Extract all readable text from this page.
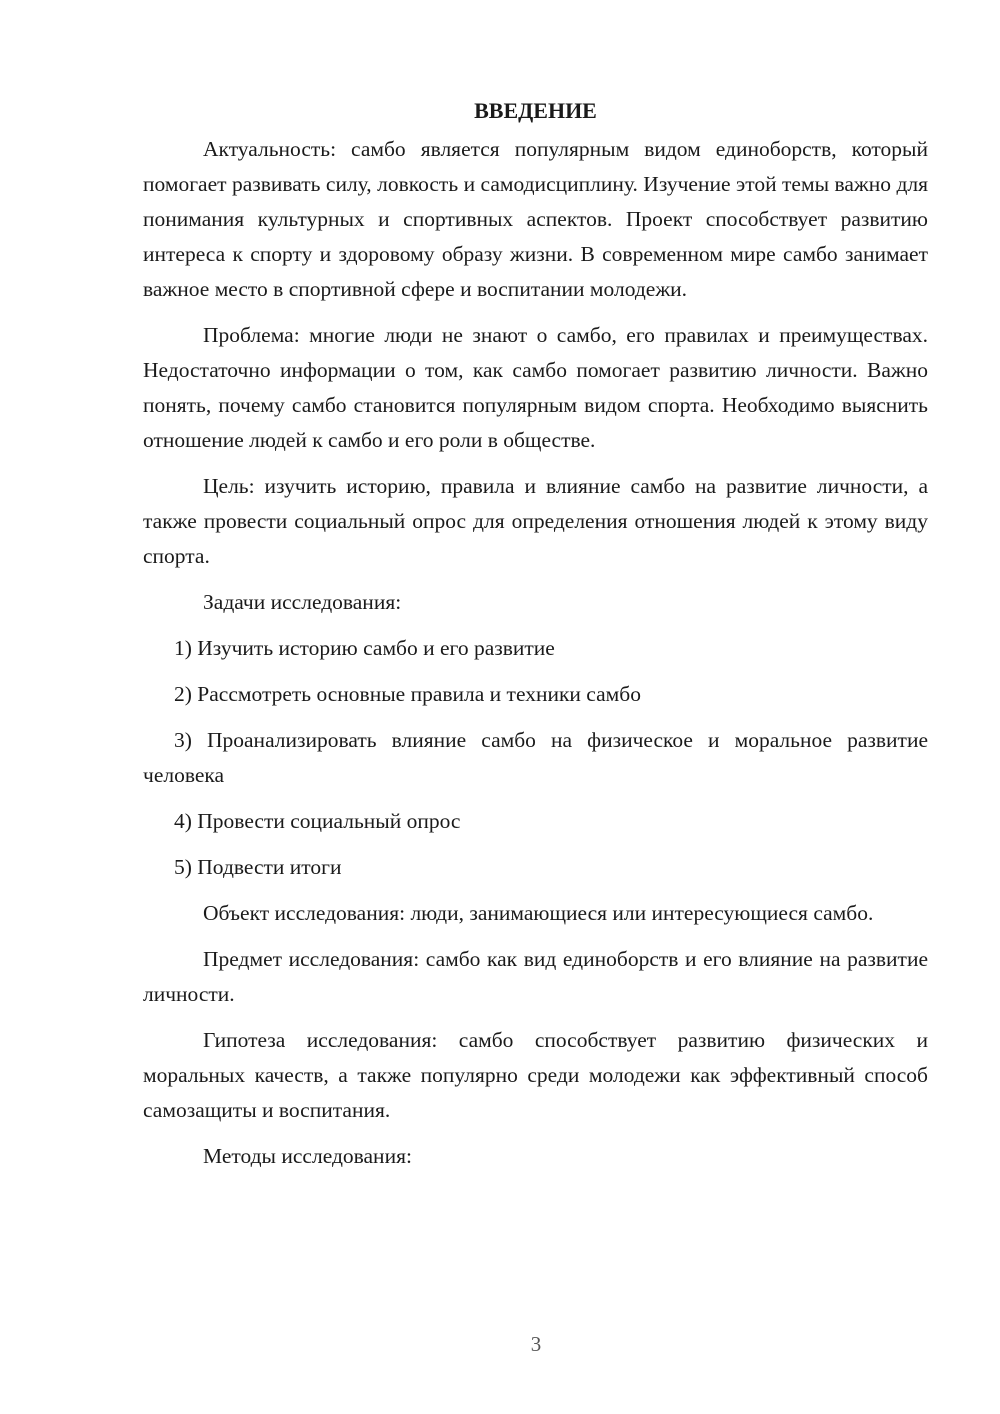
ВВЕДЕНИЕ

Актуальность: самбо является популярным видом единоборств, который помогает развивать силу, ловкость и самодисциплину. Изучение этой темы важно для понимания культурных и спортивных аспектов. Проект способствует развитию интереса к спорту и здоровому образу жизни. В современном мире самбо занимает важное место в спортивной сфере и воспитании молодежи.

Проблема: многие люди не знают о самбо, его правилах и преимуществах. Недостаточно информации о том, как самбо помогает развитию личности. Важно понять, почему самбо становится популярным видом спорта. Необходимо выяснить отношение людей к самбо и его роли в обществе.

Цель: изучить историю, правила и влияние самбо на развитие личности, а также провести социальный опрос для определения отношения людей к этому виду спорта.

Задачи исследования:

1) Изучить историю самбо и его развитие

2) Рассмотреть основные правила и техники самбо

3) Проанализировать влияние самбо на физическое и моральное развитие человека

4) Провести социальный опрос

5) Подвести итоги

Объект исследования: люди, занимающиеся или интересующиеся самбо.

Предмет исследования: самбо как вид единоборств и его влияние на развитие личности.

Гипотеза исследования: самбо способствует развитию физических и моральных качеств, а также популярно среди молодежи как эффективный способ самозащиты и воспитания.

Методы исследования:

3
